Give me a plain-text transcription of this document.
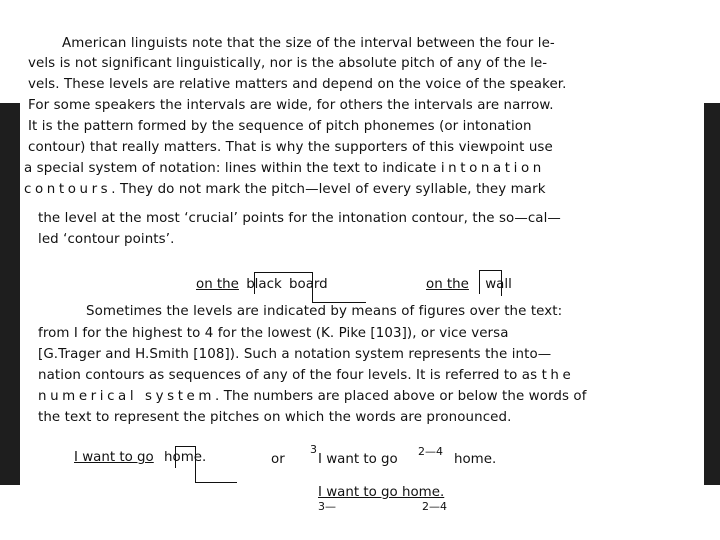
American linguists note that the size of the interval between the four le-
vels is not significant linguistically, nor is the absolute pitch of any of the le-
vels. These levels are relative matters and depend on the voice of the speaker.
For some speakers the intervals are wide, for others the intervals are narrow.
It is the pattern formed by the sequence of pitch phonemes (or intonation
contour) that really matters. That is why the supporters of this viewpoint use
a special system of notation: lines within the text to indicate intonation
contours. They do not mark the pitch—level of every syllable, they mark
the level at the most ‘crucial’ points for the intonation contour, the so—cal—
led ‘contour points’.
on the black board	on the wall
Sometimes the levels are indicated by means of figures over the text:
from I for the highest to 4 for the lowest (K. Pike [103]), or vice versa
[G.Trager and H.Smith [108]). Such a notation system represents the into—
nation contours as sequences of any of the four levels. It is referred to as the
numerical system. The numbers are placed above or below the words of
the text to represent the pitches on which the words are pronounced.
I want to go home.	or
3
I want to go
2—4
home.
I want to go home.
3—	2—4
